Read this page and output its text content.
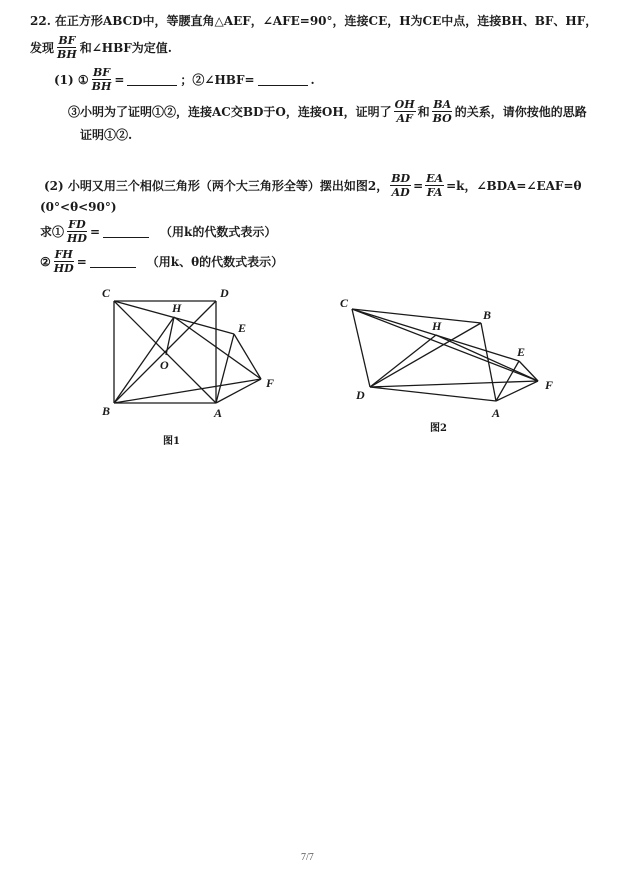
22. 在正方形ABCD中，等腰直角△AEF，∠AFE=90°，连接CE，H为CE中点，连接BH、BF、HF，
发现 $\frac{BF}{BH}$ 和∠HBF为定值.
(1) ① $\frac{BF}{BH}$ =	；②∠HBF=	.
③小明为了证明①②，连接AC交BD于O，连接OH，证明了 $\frac{OH}{AF}$ 和 $\frac{BA}{BO}$ 的关系，请你按他的思路
证明①②.
(2) 小明又用三个相似三角形（两个大三角形全等）摆出如图2， $\frac{BD}{AD} = \frac{EA}{FA} =k$，∠BDA=∠EAF=θ
(0°<θ<90°)
求① $\frac{FD}{HD}$ =	（用k的代数式表示）
② $\frac{FH}{HD}$ =	（用k、θ的代数式表示）
A
B
C	D
H
O
E
F
A
B
C
D
H
E
F
图1
图2
7/7
